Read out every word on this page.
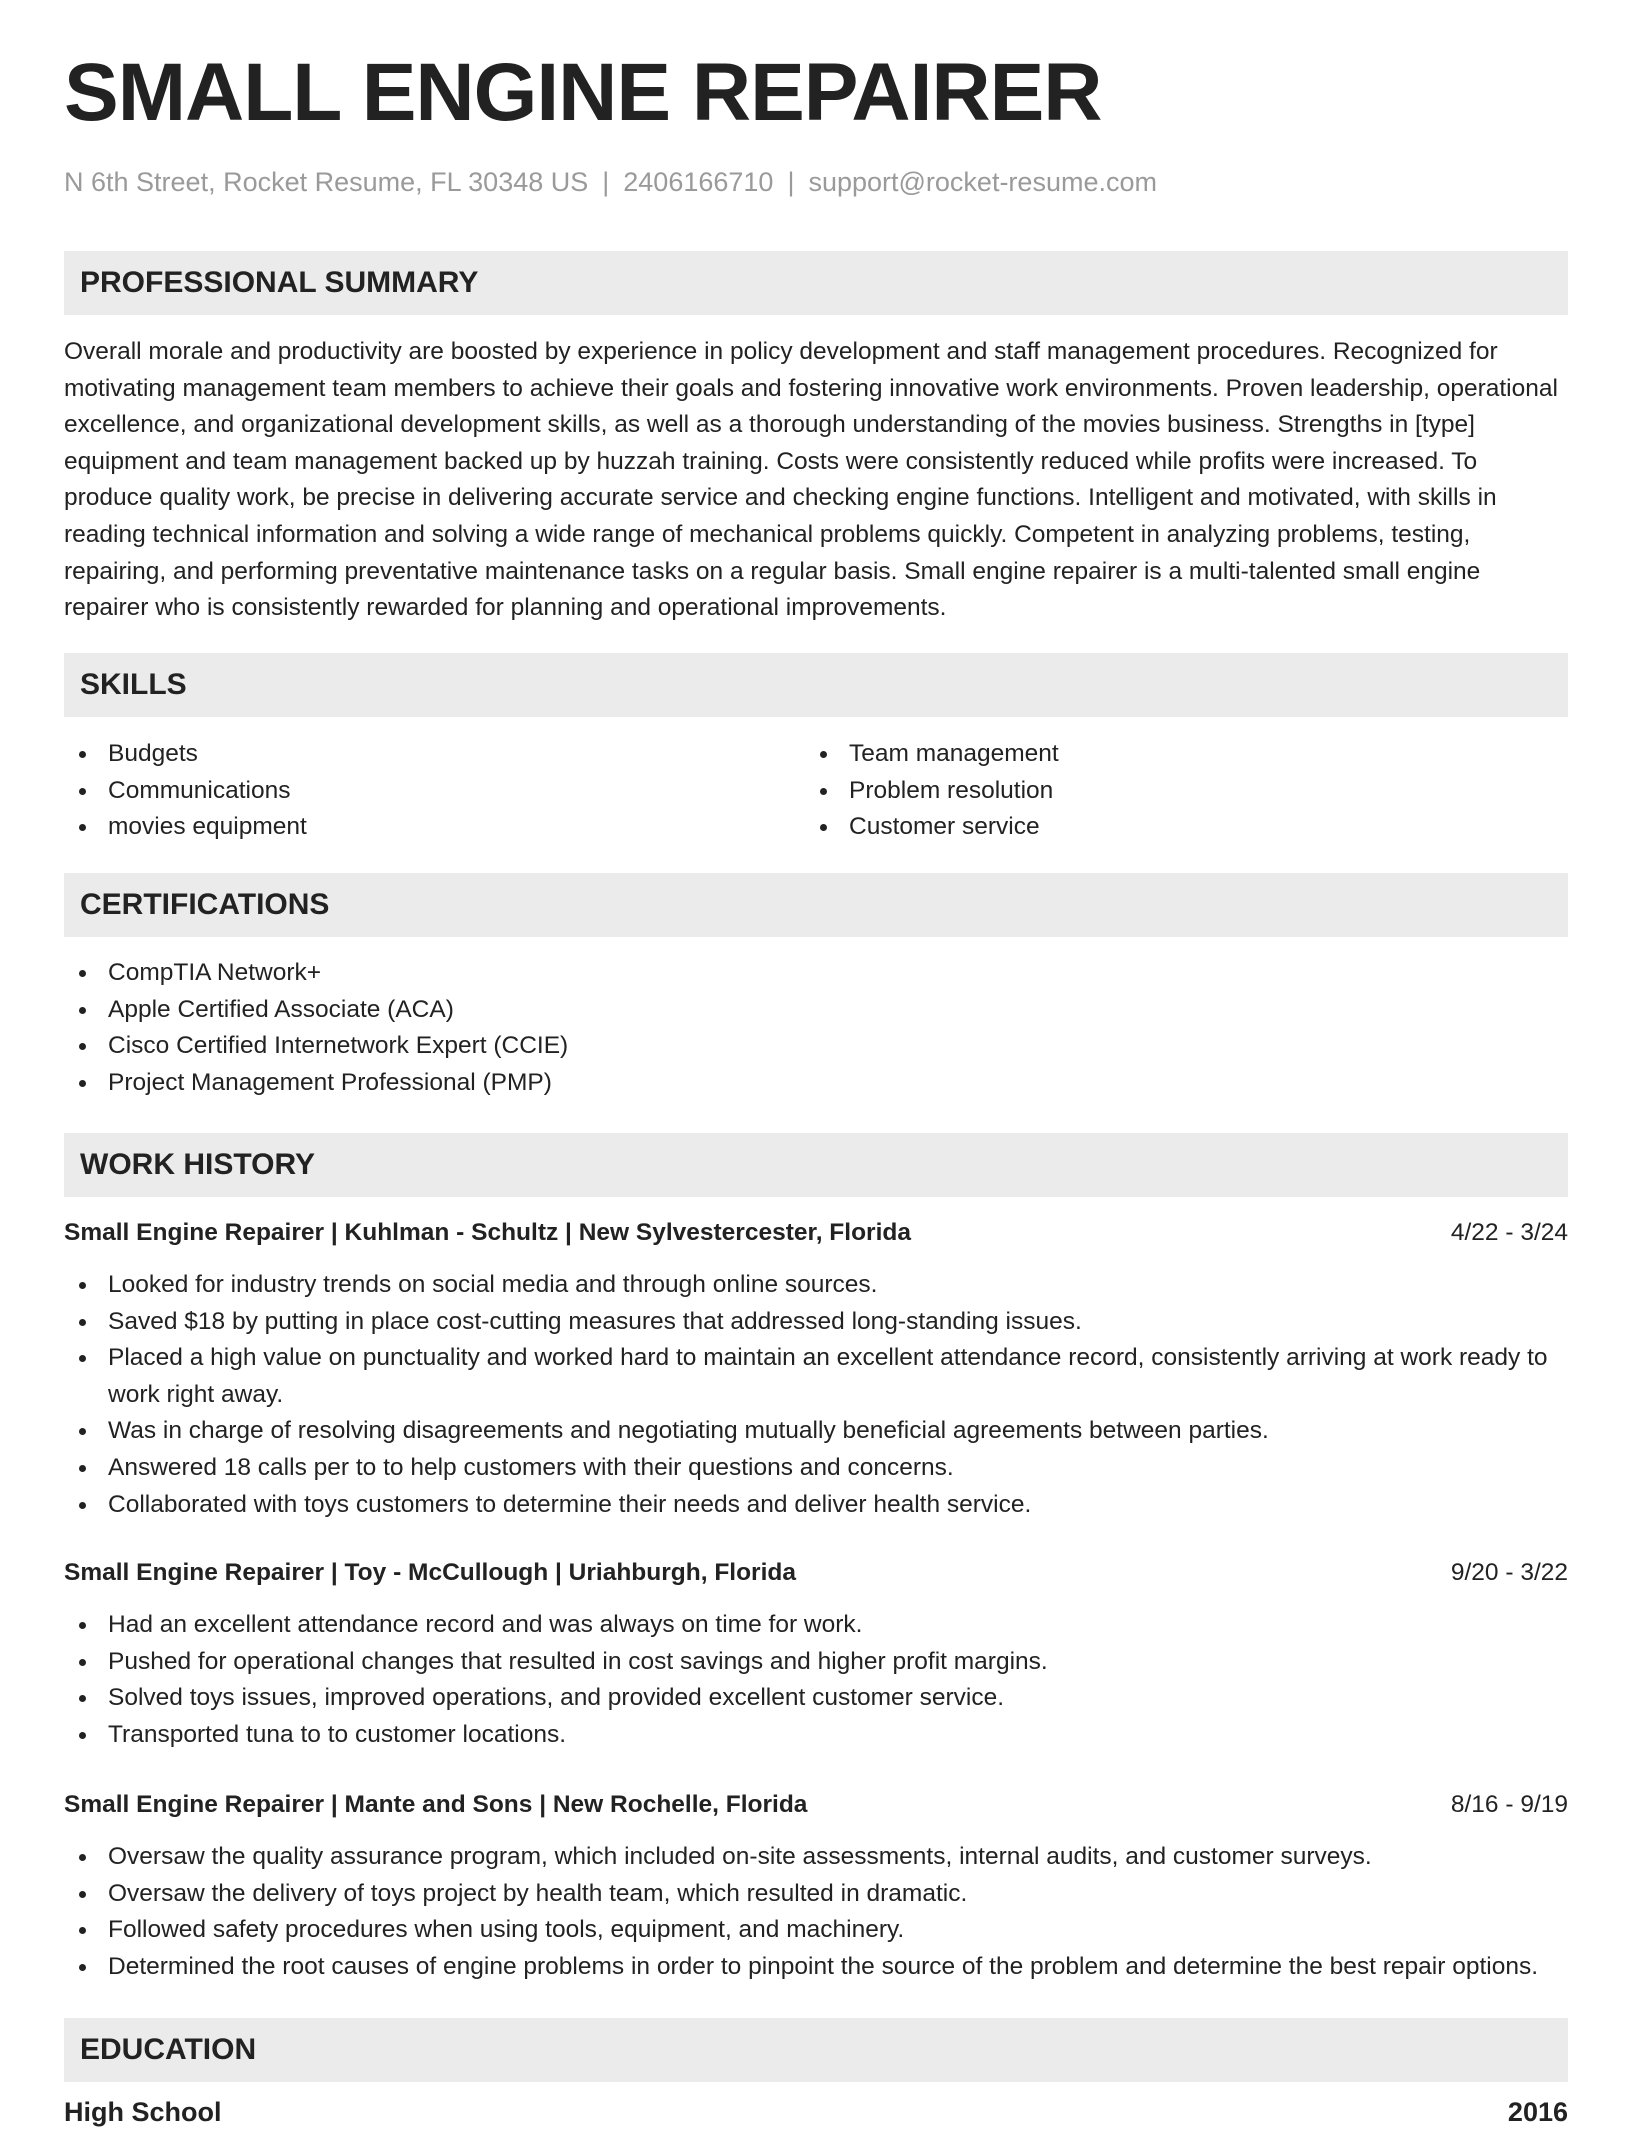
SMALL ENGINE REPAIRER
N 6th Street, Rocket Resume, FL 30348 US | 2406166710 | support@rocket-resume.com
PROFESSIONAL SUMMARY

Overall morale and productivity are boosted by experience in policy development and staff management procedures. Recognized for motivating management team members to achieve their goals and fostering innovative work environments. Proven leadership, operational excellence, and organizational development skills, as well as a thorough understanding of the movies business. Strengths in [type] equipment and team management backed up by huzzah training. Costs were consistently reduced while profits were increased. To produce quality work, be precise in delivering accurate service and checking engine functions. Intelligent and motivated, with skills in reading technical information and solving a wide range of mechanical problems quickly. Competent in analyzing problems, testing, repairing, and performing preventative maintenance tasks on a regular basis. Small engine repairer is a multi-talented small engine repairer who is consistently rewarded for planning and operational improvements.

SKILLS
Budgets
Communications
movies equipment
Team management
Problem resolution
Customer service
CERTIFICATIONS
CompTIA Network+
Apple Certified Associate (ACA)
Cisco Certified Internetwork Expert (CCIE)
Project Management Professional (PMP)
WORK HISTORY
Small Engine Repairer | Kuhlman - Schultz | New Sylvestercester, Florida	4/22 - 3/24
Looked for industry trends on social media and through online sources.
Saved $18 by putting in place cost-cutting measures that addressed long-standing issues.
Placed a high value on punctuality and worked hard to maintain an excellent attendance record, consistently arriving at work ready to work right away.
Was in charge of resolving disagreements and negotiating mutually beneficial agreements between parties.
Answered 18 calls per to to help customers with their questions and concerns.
Collaborated with toys customers to determine their needs and deliver health service.
Small Engine Repairer | Toy - McCullough | Uriahburgh, Florida	9/20 - 3/22
Had an excellent attendance record and was always on time for work.
Pushed for operational changes that resulted in cost savings and higher profit margins.
Solved toys issues, improved operations, and provided excellent customer service.
Transported tuna to to customer locations.
Small Engine Repairer | Mante and Sons | New Rochelle, Florida	8/16 - 9/19
Oversaw the quality assurance program, which included on-site assessments, internal audits, and customer surveys.
Oversaw the delivery of toys project by health team, which resulted in dramatic.
Followed safety procedures when using tools, equipment, and machinery.
Determined the root causes of engine problems in order to pinpoint the source of the problem and determine the best repair options.
EDUCATION
High School	2016
